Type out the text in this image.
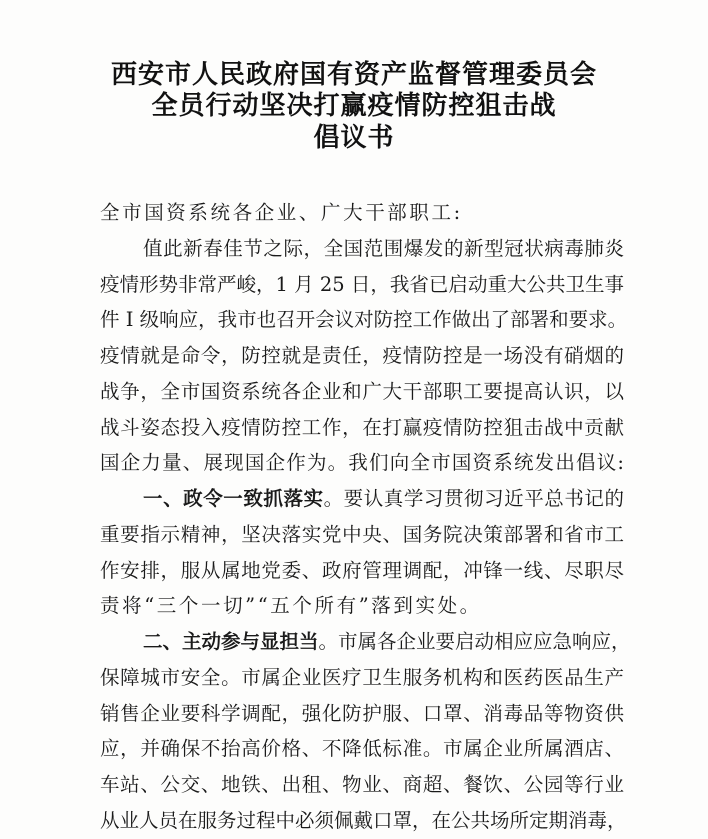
西安市人民政府国有资产监督管理委员会
全员行动坚决打赢疫情防控狙击战
倡议书
全市国资系统各企业、广大干部职工:
值此新春佳节之际，全国范围爆发的新型冠状病毒肺炎
疫情形势非常严峻，1 月 25 日，我省已启动重大公共卫生事
件 I 级响应，我市也召开会议对防控工作做出了部署和要求。
疫情就是命令，防控就是责任，疫情防控是一场没有硝烟的
战争，全市国资系统各企业和广大干部职工要提高认识，以
战斗姿态投入疫情防控工作，在打赢疫情防控狙击战中贡献
国企力量、展现国企作为。我们向全市国资系统发出倡议:
一、政令一致抓落实。要认真学习贯彻习近平总书记的
重要指示精神，坚决落实党中央、国务院决策部署和省市工
作安排，服从属地党委、政府管理调配，冲锋一线、尽职尽
责将“三个一切”“五个所有”落到实处。
二、主动参与显担当。市属各企业要启动相应应急响应，
保障城市安全。市属企业医疗卫生服务机构和医药医品生产
销售企业要科学调配，强化防护服、口罩、消毒品等物资供
应，并确保不抬高价格、不降低标准。市属企业所属酒店、
车站、公交、地铁、出租、物业、商超、餐饮、公园等行业
从业人员在服务过程中必须佩戴口罩，在公共场所定期消毒，
